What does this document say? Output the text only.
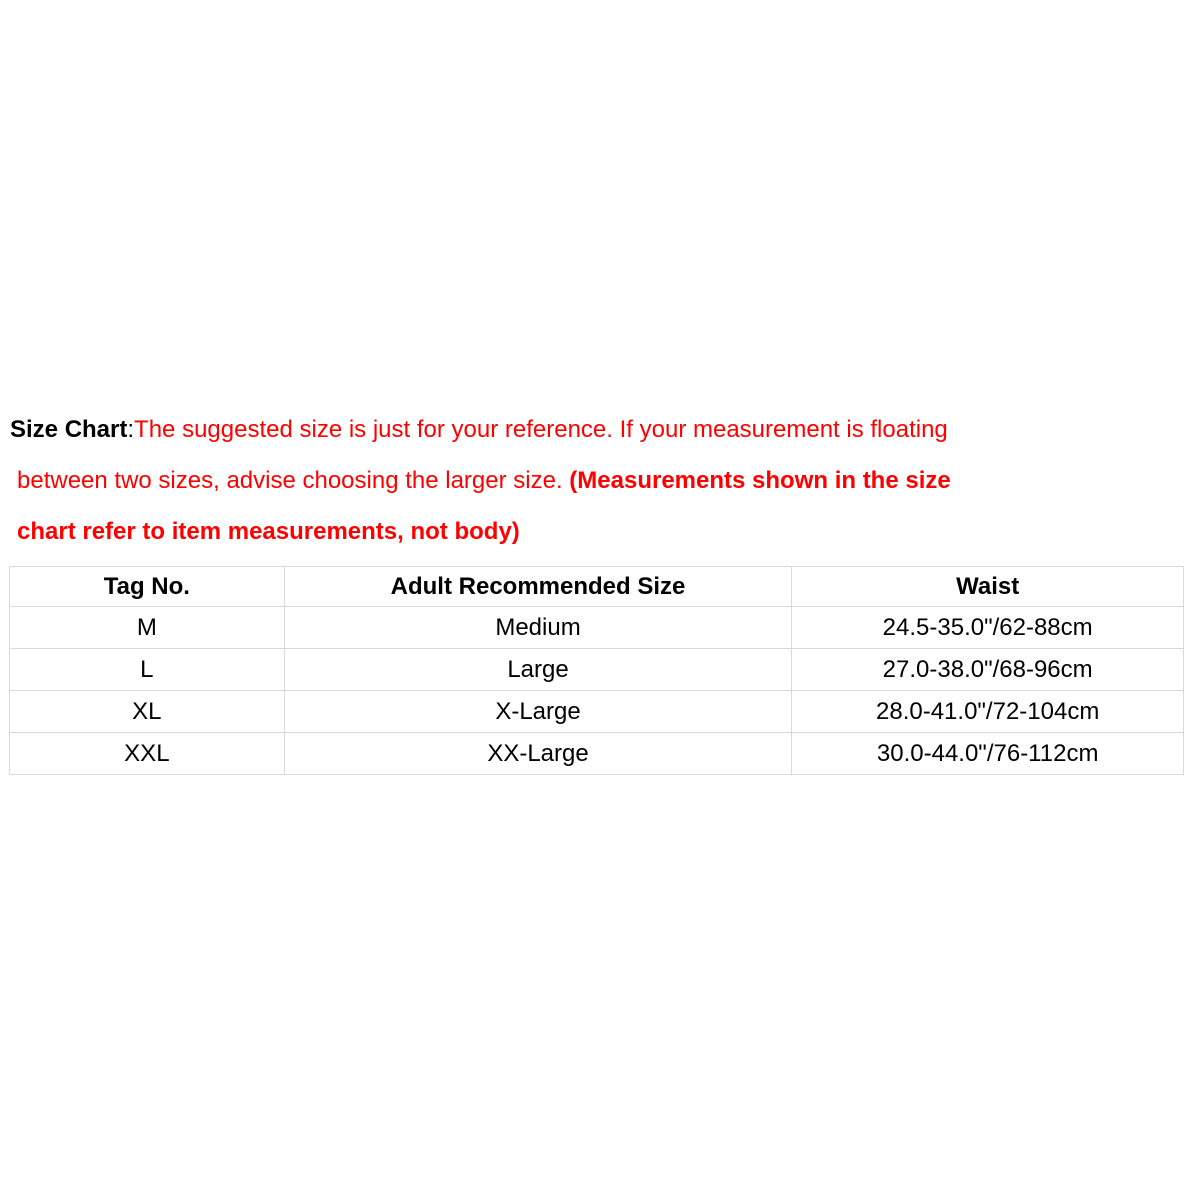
Size Chart:The suggested size is just for your reference. If your measurement is floating
between two sizes, advise choosing the larger size. (Measurements shown in the size
chart refer to item measurements, not body)
Tag No.	Adult Recommended Size	Waist
M	Medium	24.5-35.0"/62-88cm
L	Large	27.0-38.0"/68-96cm
XL	X-Large	28.0-41.0"/72-104cm
XXL	XX-Large	30.0-44.0"/76-112cm
